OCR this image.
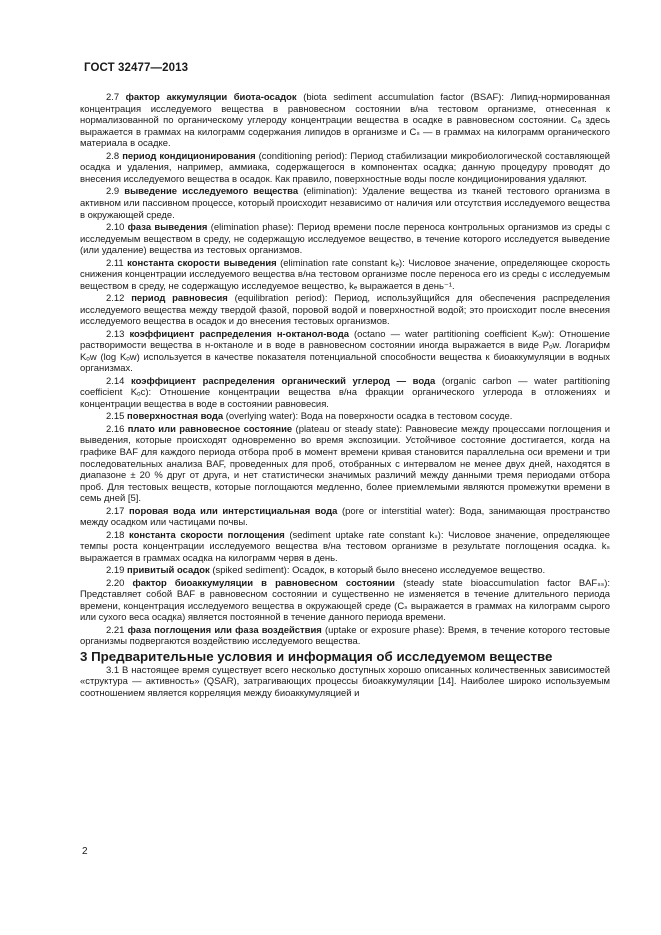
ГОСТ 32477—2013

2.7 фактор аккумуляции биота-осадок (biota sediment accumulation factor (BSAF): Липид-нормированная концентрация исследуемого вещества в равновесном состоянии в/на тестовом организме, отнесенная к нормализованной по органическому углероду концентрации вещества в осадке в равновесном состоянии. Cₐ здесь выражается в граммах на килограмм содержания липидов в организме и Cₛ — в граммах на килограмм органического материала в осадке.

2.8 период кондиционирования (conditioning period): Период стабилизации микробиологической составляющей осадка и удаления, например, аммиака, содержащегося в компонентах осадка; данную процедуру проводят до внесения исследуемого вещества в осадок. Как правило, поверхностные воды после кондиционирования удаляют.

2.9 выведение исследуемого вещества (elimination): Удаление вещества из тканей тестового организма в активном или пассивном процессе, который происходит независимо от наличия или отсутствия исследуемого вещества в окружающей среде.

2.10 фаза выведения (elimination phase): Период времени после переноса контрольных организмов из среды с исследуемым веществом в среду, не содержащую исследуемое вещество, в течение которого исследуется выведение (или удаление) вещества из тестовых организмов.

2.11 константа скорости выведения (elimination rate constant kₑ): Числовое значение, определяющее скорость снижения концентрации исследуемого вещества в/на тестовом организме после переноса его из среды с исследуемым веществом в среду, не содержащую исследуемое вещество, kₑ выражается в день⁻¹.

2.12 период равновесия (equilibration period): Период, используйщийся для обеспечения распределения исследуемого вещества между твердой фазой, поровой водой и поверхностной водой; это происходит после внесения исследуемого вещества в осадок и до внесения тестовых организмов.

2.13 коэффициент распределения н-октанол-вода (octano — water partitioning coefficient Kₒw): Отношение растворимости вещества в н-октаноле и в воде в равновесном состоянии иногда выражается в виде Pₒw. Логарифм Kₒw (log Kₒw) используется в качестве показателя потенциальной способности вещества к биоаккумуляции в водных организмах.

2.14 коэффициент распределения органический углерод — вода (organic carbon — water partitioning coefficient Kₒc): Отношение концентрации вещества в/на фракции органического углерода в отложениях и концентрации вещества в воде в состоянии равновесия.

2.15 поверхностная вода (overlying water): Вода на поверхности осадка в тестовом сосуде.

2.16 плато или равновесное состояние (plateau or steady state): Равновесие между процессами поглощения и выведения, которые происходят одновременно во время экспозиции. Устойчивое состояние достигается, когда на графике BAF для каждого периода отбора проб в момент времени кривая становится параллельна оси времени и три последовательных анализа BAF, проведенных для проб, отобранных с интервалом не менее двух дней, находятся в диапазоне ± 20 % друг от друга, и нет статистически значимых различий между данными тремя периодами отбора проб. Для тестовых веществ, которые поглощаются медленно, более приемлемыми являются промежутки времени в семь дней [5].

2.17 поровая вода или интерстициальная вода (pore or interstitial water): Вода, занимающая пространство между осадком или частицами почвы.

2.18 константа скорости поглощения (sediment uptake rate constant kₛ): Числовое значение, определяющее темпы роста концентрации исследуемого вещества в/на тестовом организме в результате поглощения осадка. kₛ выражается в граммах осадка на килограмм червя в день.

2.19 привитый осадок (spiked sediment): Осадок, в который было внесено исследуемое вещество.

2.20 фактор биоаккумуляции в равновесном состоянии (steady state bioaccumulation factor BAFₛₛ): Представляет собой BAF в равновесном состоянии и существенно не изменяется в течение длительного периода времени, концентрация исследуемого вещества в окружающей среде (Cₛ выражается в граммах на килограмм сырого или сухого веса осадка) является постоянной в течение данного периода времени.

2.21 фаза поглощения или фаза воздействия (uptake or exposure phase): Время, в течение которого тестовые организмы подвергаются воздействию исследуемого вещества.

3 Предварительные условия и информация об исследуемом веществе

3.1 В настоящее время существует всего несколько доступных хорошо описанных количественных зависимостей «структура — активность» (QSAR), затрагивающих процессы биоаккумуляции [14]. Наиболее широко используемым соотношением является корреляция между биоаккумуляцией и

2
